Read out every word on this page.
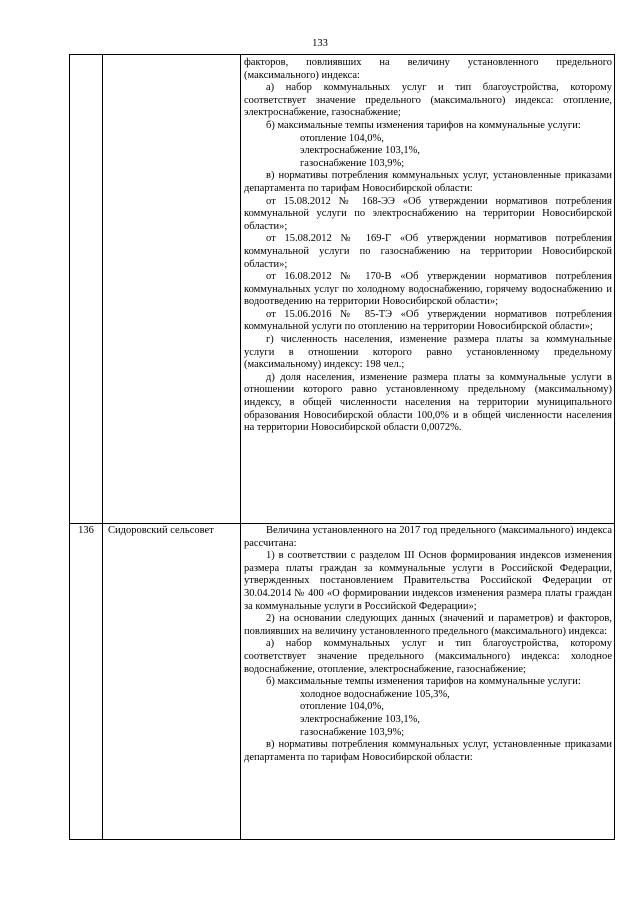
133

факторов, повлиявших на величину установленного предельного (максимального) индекса:

а) набор коммунальных услуг и тип благоустройства, которому соответствует значение предельного (максимального) индекса: отопление, электроснабжение, газоснабжение;

б) максимальные темпы изменения тарифов на коммунальные услуги:

отопление 104,0%,

электроснабжение 103,1%,

газоснабжение 103,9%;

в) нормативы потребления коммунальных услуг, установленные приказами департамента по тарифам Новосибирской области:

от 15.08.2012 № 168-ЭЭ «Об утверждении нормативов потребления коммунальной услуги по электроснабжению на территории Новосибирской области»;

от 15.08.2012 № 169-Г «Об утверждении нормативов потребления коммунальной услуги по газоснабжению на территории Новосибирской области»;

от 16.08.2012 № 170-В «Об утверждении нормативов потребления коммунальных услуг по холодному водоснабжению, горячему водоснабжению и водоотведению на территории Новосибирской области»;

от 15.06.2016 № 85-ТЭ «Об утверждении нормативов потребления коммунальной услуги по отоплению на территории Новосибирской области»;

г) численность населения, изменение размера платы за коммунальные услуги в отношении которого равно установленному предельному (максимальному) индексу: 198 чел.;

д) доля населения, изменение размера платы за коммунальные услуги в отношении которого равно установленному предельному (максимальному) индексу, в общей численности населения на территории муниципального образования Новосибирской области 100,0% и в общей численности населения на территории Новосибирской области 0,0072%.

136	Сидоровский сельсовет	Величина установленного на 2017 год предельного (максимального) индекса рассчитана:

1) в соответствии с разделом III Основ формирования индексов изменения размера платы граждан за коммунальные услуги в Российской Федерации, утвержденных постановлением Правительства Российской Федерации от 30.04.2014 № 400 «О формировании индексов изменения размера платы граждан за коммунальные услуги в Российской Федерации»;

2) на основании следующих данных (значений и параметров) и факторов, повлиявших на величину установленного предельного (максимального) индекса:

а) набор коммунальных услуг и тип благоустройства, которому соответствует значение предельного (максимального) индекса: холодное водоснабжение, отопление, электроснабжение, газоснабжение;

б) максимальные темпы изменения тарифов на коммунальные услуги:

холодное водоснабжение 105,3%,

отопление 104,0%,

электроснабжение 103,1%,

газоснабжение 103,9%;

в) нормативы потребления коммунальных услуг, установленные приказами департамента по тарифам Новосибирской области:
